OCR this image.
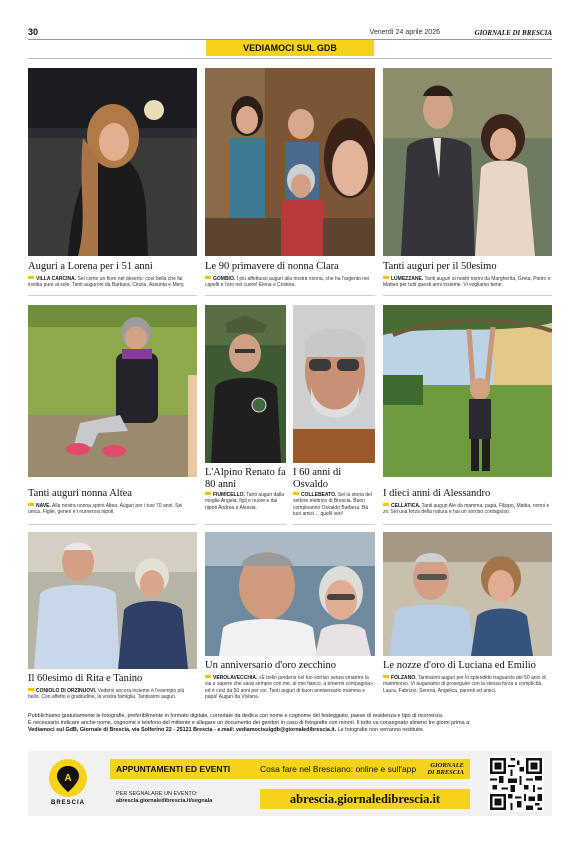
30	Venerdì 24 aprile 2026	GIORNALE DI BRESCIA
VEDIAMOCI SUL GDB
Auguri a Lorena per i 51 anni
VILLA CARCINA. Sei come un fiore nel deserto: così bella che fai invidia pure al sole. Tanti auguroni da Barbara, Cinzia, Assunta e Mery.
Le 90 primavere di nonna Clara
GOMBIO. I più affettuosi auguri alla nostra nonna, che ha l'argento nei capelli e l'oro nel cuore! Elena e Cristina.
Tanti auguri per il 50esimo
LUMEZZANE. Tanti auguri ai nostri nonni da Margherita, Greta, Pietro e Matteo per tutti questi anni insieme. Vi vogliamo bene.
Tanti auguri nonna Altea
NAVE. Alla nostra nonna sprint Altea. Auguri per i tuoi 70 anni. Sei unica. Figlie, generi e i numerosi nipoti.
L'Alpino Renato fa 80 anni
FIUMICELLO. Tanti auguri dalla moglie Angela, figli e nuore e dai nipoti Andrea e Alessia.
I 60 anni di Osvaldo
COLLEBEATO. Sei la storia del settore elettrico di Brescia. Buon compleanno Osvaldo Barbera. Bà tuoi amici… quelli veri!
I dieci anni di Alessandro
CELLATICA. Tanti auguri Ale da mamma, papà, Filippo, Mattia, nonni e zii. Sei una forza della natura e hai un sorriso contagioso.
Il 60esimo di Rita e Tanino
CONIOLO DI ORZINUOVI. Vedervi ancora insieme è l'esempio più bello. Con affetto e gratitudine, la vostra famiglia. Tantissimi auguri.
Un anniversario d'oro zecchino
VEROLAVECCHIA. «È bello perdersi nel tuo sorriso senza smarrire la via e sapere che sarai sempre con me, al mio fianco, a tenermi compagnia»: ed è così da 50 anni per voi. Tanti auguri di buon anniversario mamma e papà! Auguri da Viviana.
Le nozze d'oro di Luciana ed Emilio
FOLZANO. Tantissimi auguri per lo splendido traguardo dei 50 anni di matrimonio. Vi auguriamo di proseguire con la stessa forza e complicità. Laura, Fabrizio, Serena, Angelica, parenti ed amici.
Pubblichiamo gratuitamente le fotografie, preferibilmente in formato digitale, corredate da dedica con nome e cognome del festeggiato, paese di residenza e tipo di ricorrenza.
È necessario indicare anche nome, cognome e telefono del mittente e allegare un documento dei genitori in caso di fotografie con minori. Il tutto va consegnato almeno tre giorni prima a:
Vediamoci sul GdB, Giornale di Brescia, via Solferino 22 - 25121 Brescia - e.mail: vediamocisulgdb@giornaledibrescia.it. Le fotografie non verranno restituite.
A
BRESCIA
APPUNTAMENTI ED EVENTI	Cosa fare nel Bresciano: online e sull'app	GIORNALE
DI BRESCIA
PER SEGNALARE UN EVENTO:
abrescia.giornaledibrescia.it/segnala	abrescia.giornaledibrescia.it
